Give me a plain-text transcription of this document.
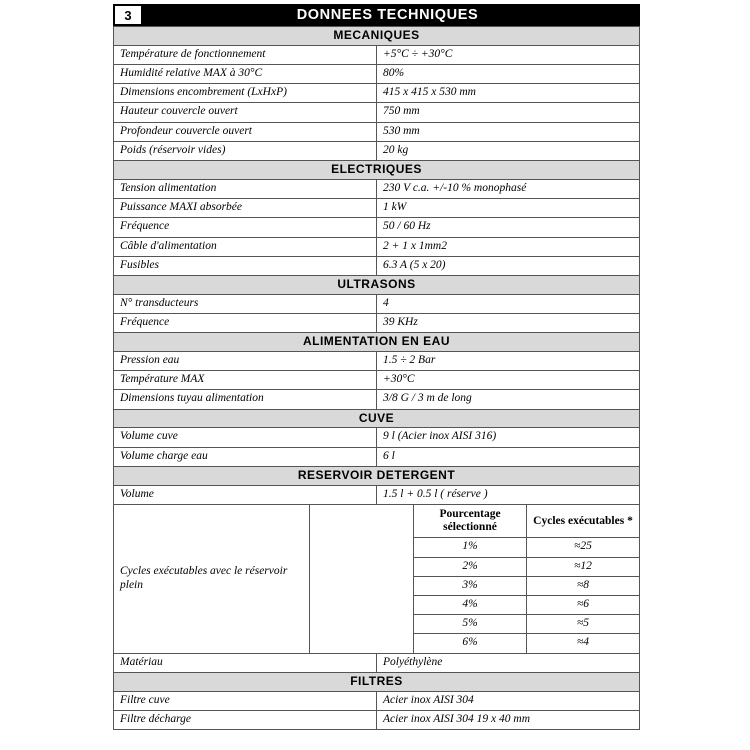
3	DONNEES TECHNIQUES
MECANIQUES
Température de fonctionnement	+5°C ÷ +30°C
Humidité relative MAX à 30°C	80%
Dimensions encombrement (LxHxP)	415 x 415 x 530 mm
Hauteur couvercle ouvert	750 mm
Profondeur couvercle ouvert	530 mm
Poids (réservoir vides)	20 kg
ELECTRIQUES
Tension alimentation	230 V c.a. +/-10 % monophasé
Puissance MAXI absorbée	1 kW
Fréquence	50 / 60 Hz
Câble d'alimentation	2 + 1 x 1mm2
Fusibles	6.3 A (5 x 20)
ULTRASONS
N° transducteurs	4
Fréquence	39 KHz
ALIMENTATION EN EAU
Pression eau	1.5 ÷ 2 Bar
Température MAX	+30°C
Dimensions tuyau alimentation	3/8 G / 3 m de long
CUVE
Volume cuve	9 l (Acier inox AISI 316)
Volume charge eau	6 l
RESERVOIR DETERGENT
Volume	1.5 l + 0.5 l ( réserve )

Cycles exécutables avec le réservoir plein
Pourcentage sélectionné	Cycles exécutables *
1%	≈25
2%	≈12
3%	≈8
4%	≈6
5%	≈5
6%	≈4

Matériau	Polyéthylène
FILTRES
Filtre cuve	Acier inox AISI 304
Filtre décharge	Acier inox AISI 304 19 x 40 mm
